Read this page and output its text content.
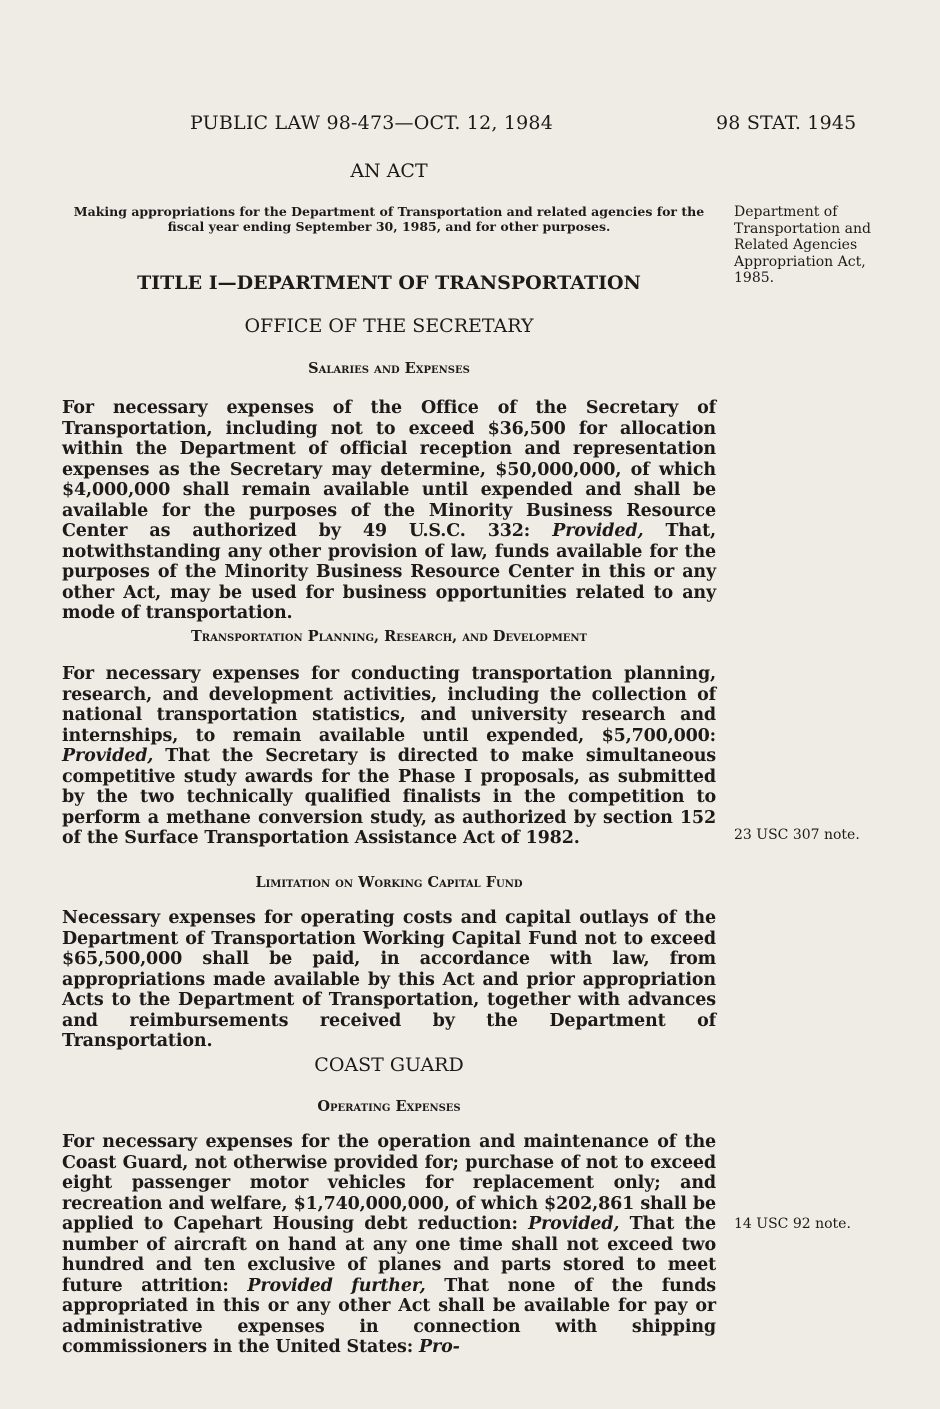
PUBLIC LAW 98-473—OCT. 12, 1984	98 STAT. 1945
AN ACT
Making appropriations for the Department of Transportation and related agencies for the fiscal year ending September 30, 1985, and for other purposes.
Department of Transportation and Related Agencies Appropriation Act, 1985.
TITLE I—DEPARTMENT OF TRANSPORTATION
OFFICE OF THE SECRETARY
Salaries and Expenses
For necessary expenses of the Office of the Secretary of Transportation, including not to exceed $36,500 for allocation within the Department of official reception and representation expenses as the Secretary may determine, $50,000,000, of which $4,000,000 shall remain available until expended and shall be available for the purposes of the Minority Business Resource Center as authorized by 49 U.S.C. 332: Provided, That, notwithstanding any other provision of law, funds available for the purposes of the Minority Business Resource Center in this or any other Act, may be used for business opportunities related to any mode of transportation.
Transportation Planning, Research, and Development
For necessary expenses for conducting transportation planning, research, and development activities, including the collection of national transportation statistics, and university research and internships, to remain available until expended, $5,700,000: Provided, That the Secretary is directed to make simultaneous competitive study awards for the Phase I proposals, as submitted by the two technically qualified finalists in the competition to perform a methane conversion study, as authorized by section 152 of the Surface Transportation Assistance Act of 1982.	23 USC 307 note.
Limitation on Working Capital Fund
Necessary expenses for operating costs and capital outlays of the Department of Transportation Working Capital Fund not to exceed $65,500,000 shall be paid, in accordance with law, from appropriations made available by this Act and prior appropriation Acts to the Department of Transportation, together with advances and reimbursements received by the Department of Transportation.
COAST GUARD
Operating Expenses
For necessary expenses for the operation and maintenance of the Coast Guard, not otherwise provided for; purchase of not to exceed eight passenger motor vehicles for replacement only; and recreation and welfare, $1,740,000,000, of which $202,861 shall be applied to Capehart Housing debt reduction: Provided, That the number of aircraft on hand at any one time shall not exceed two hundred and ten exclusive of planes and parts stored to meet future attrition: Provided further, That none of the funds appropriated in this or any other Act shall be available for pay or administrative expenses in connection with shipping commissioners in the United States: Pro-
14 USC 92 note.
